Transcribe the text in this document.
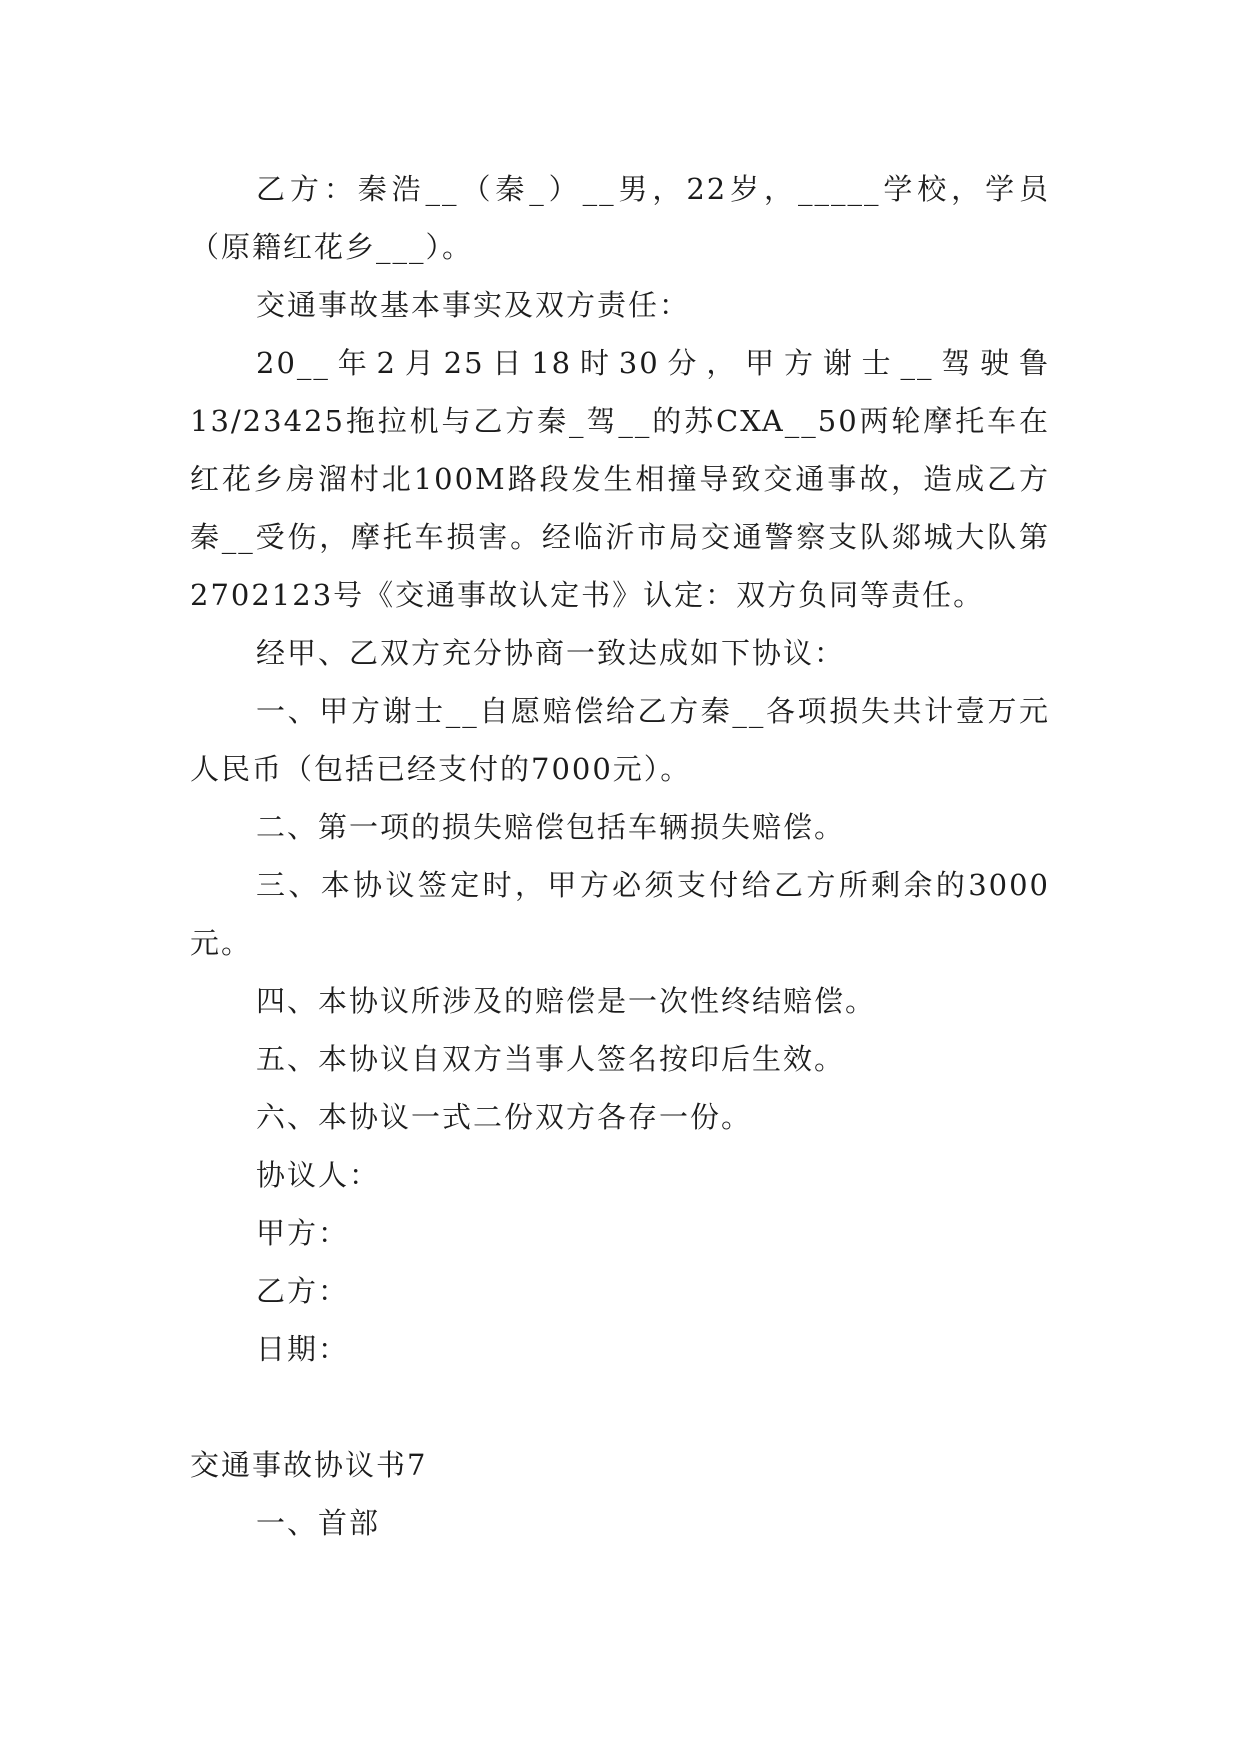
乙方：秦浩__（秦_）__男，22岁，_____学校，学员（原籍红花乡___）。

交通事故基本事实及双方责任：

20__年2月25日18时30分，甲方谢士__驾驶鲁13/23425拖拉机与乙方秦_驾__的苏CXA__50两轮摩托车在红花乡房溜村北100M路段发生相撞导致交通事故，造成乙方秦__受伤，摩托车损害。经临沂市局交通警察支队郯城大队第2702123号《交通事故认定书》认定：双方负同等责任。

经甲、乙双方充分协商一致达成如下协议：

一、甲方谢士__自愿赔偿给乙方秦__各项损失共计壹万元人民币（包括已经支付的7000元）。

二、第一项的损失赔偿包括车辆损失赔偿。

三、本协议签定时，甲方必须支付给乙方所剩余的3000元。

四、本协议所涉及的赔偿是一次性终结赔偿。

五、本协议自双方当事人签名按印后生效。

六、本协议一式二份双方各存一份。

协议人：

甲方：

乙方：

日期：

交通事故协议书7

一、首部
